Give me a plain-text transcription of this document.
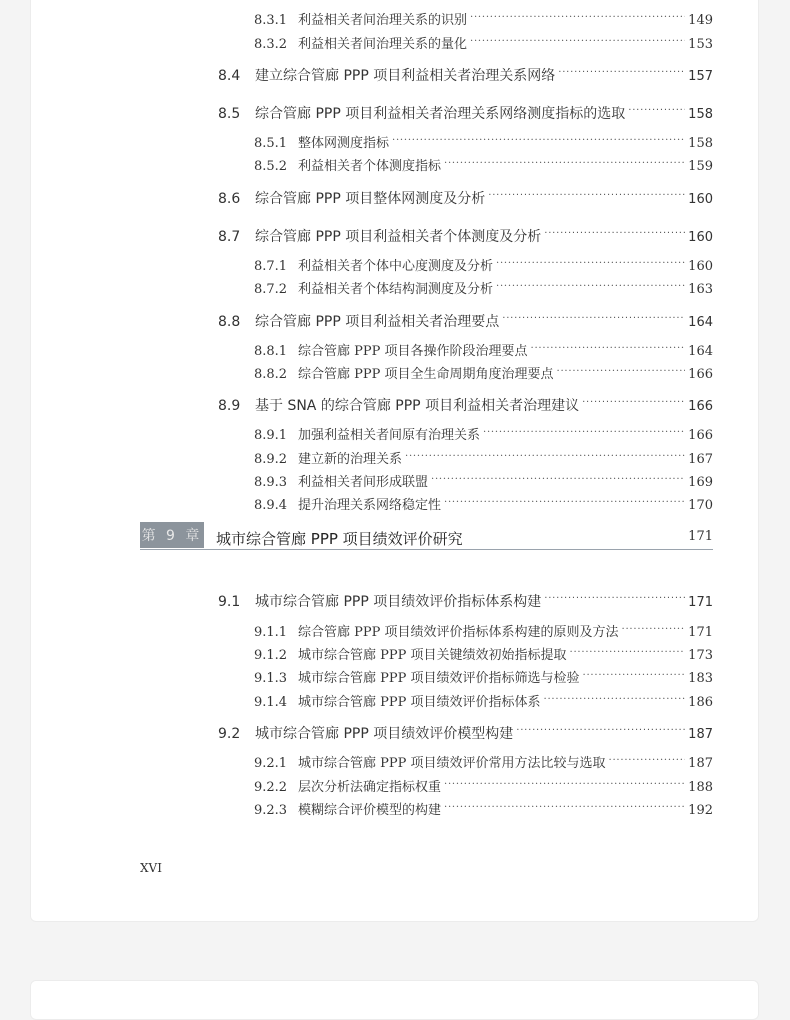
8.3.1 利益相关者间治理关系的识别 . . .	149
8.3.2 利益相关者间治理关系的量化 . . .	153
8.4	建立综合管廊 PPP 项目利益相关者治理关系网络 . . .	157
8.5	综合管廊 PPP 项目利益相关者治理关系网络测度指标的选取 . . .	158
8.5.1 整体网测度指标 . . .	158
8.5.2 利益相关者个体测度指标 . . .	159
8.6	综合管廊 PPP 项目整体网测度及分析 . . .	160
8.7	综合管廊 PPP 项目利益相关者个体测度及分析 . . .	160
8.7.1 利益相关者个体中心度测度及分析 . . .	160
8.7.2 利益相关者个体结构洞测度及分析 . . .	163
8.8	综合管廊 PPP 项目利益相关者治理要点 . . .	164
8.8.1 综合管廊 PPP 项目各操作阶段治理要点 . . .	164
8.8.2 综合管廊 PPP 项目全生命周期角度治理要点 . . .	166
8.9	基于 SNA 的综合管廊 PPP 项目利益相关者治理建议 . . .	166
8.9.1 加强利益相关者间原有治理关系 . . .	166
8.9.2 建立新的治理关系 . . .	167
8.9.3 利益相关者间形成联盟 . . .	169
8.9.4 提升治理关系网络稳定性 . . .	170
第 9 章 城市综合管廊 PPP 项目绩效评价研究	171
9.1	城市综合管廊 PPP 项目绩效评价指标体系构建 . . .	171
9.1.1 综合管廊 PPP 项目绩效评价指标体系构建的原则及方法 . . .	171
9.1.2 城市综合管廊 PPP 项目关键绩效初始指标提取 . . .	173
9.1.3 城市综合管廊 PPP 项目绩效评价指标筛选与检验 . . .	183
9.1.4 城市综合管廊 PPP 项目绩效评价指标体系 . . .	186
9.2	城市综合管廊 PPP 项目绩效评价模型构建 . . .	187
9.2.1 城市综合管廊 PPP 项目绩效评价常用方法比较与选取 . . .	187
9.2.2 层次分析法确定指标权重 . . .	188
9.2.3 模糊综合评价模型的构建 . . .	192
XVI
